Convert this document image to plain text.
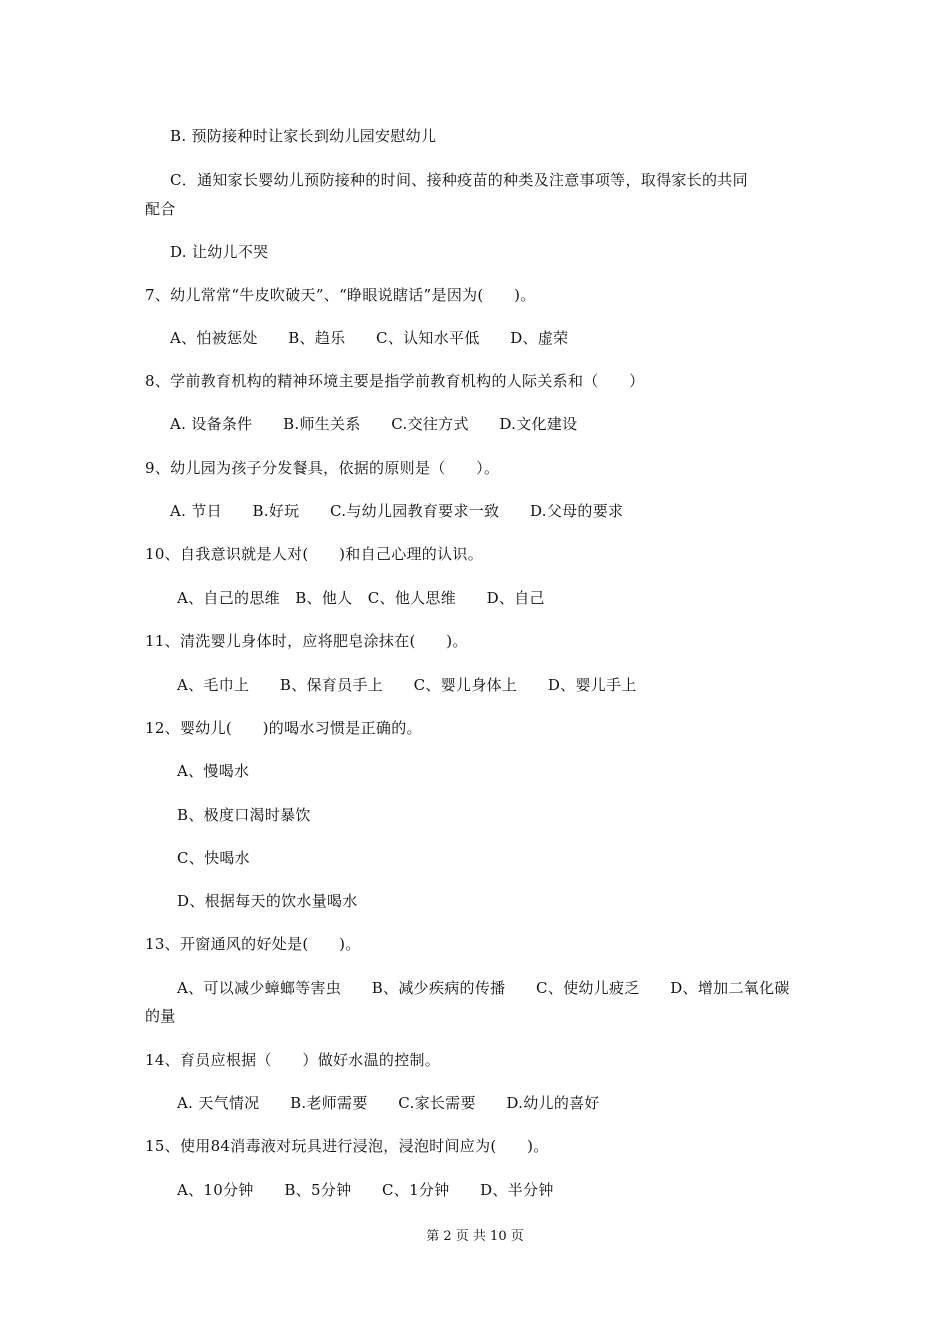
B. 预防接种时让家长到幼儿园安慰幼儿

C．通知家长婴幼儿预防接种的时间、接种疫苗的种类及注意事项等，取得家长的共同

配合

D. 让幼儿不哭

7、幼儿常常“牛皮吹破天”、“睁眼说瞎话”是因为(　　)。

A、怕被惩处　　B、趋乐　　C、认知水平低　　D、虚荣

8、学前教育机构的精神环境主要是指学前教育机构的人际关系和（　　）

A. 设备条件　　B.师生关系　　C.交往方式　　D.文化建设

9、幼儿园为孩子分发餐具，依据的原则是（　　）。

A. 节日　　B.好玩　　C.与幼儿园教育要求一致　　D.父母的要求

10、自我意识就是人对(　　)和自己心理的认识。

A、自己的思维　B、他人　C、他人思维　　D、自己

11、清洗婴儿身体时，应将肥皂涂抹在(　　)。

A、毛巾上　　B、保育员手上　　C、婴儿身体上　　D、婴儿手上

12、婴幼儿(　　)的喝水习惯是正确的。

A、慢喝水

B、极度口渴时暴饮

C、快喝水

D、根据每天的饮水量喝水

13、开窗通风的好处是(　　)。

A、可以减少蟑螂等害虫　　B、减少疾病的传播　　C、使幼儿疲乏　　D、增加二氧化碳

的量

14、育员应根据（　　）做好水温的控制。

A. 天气情况　　B.老师需要　　C.家长需要　　D.幼儿的喜好

15、使用84消毒液对玩具进行浸泡，浸泡时间应为(　　)。

A、10分钟　　B、5分钟　　C、1分钟　　D、半分钟

第 2 页 共 10 页
